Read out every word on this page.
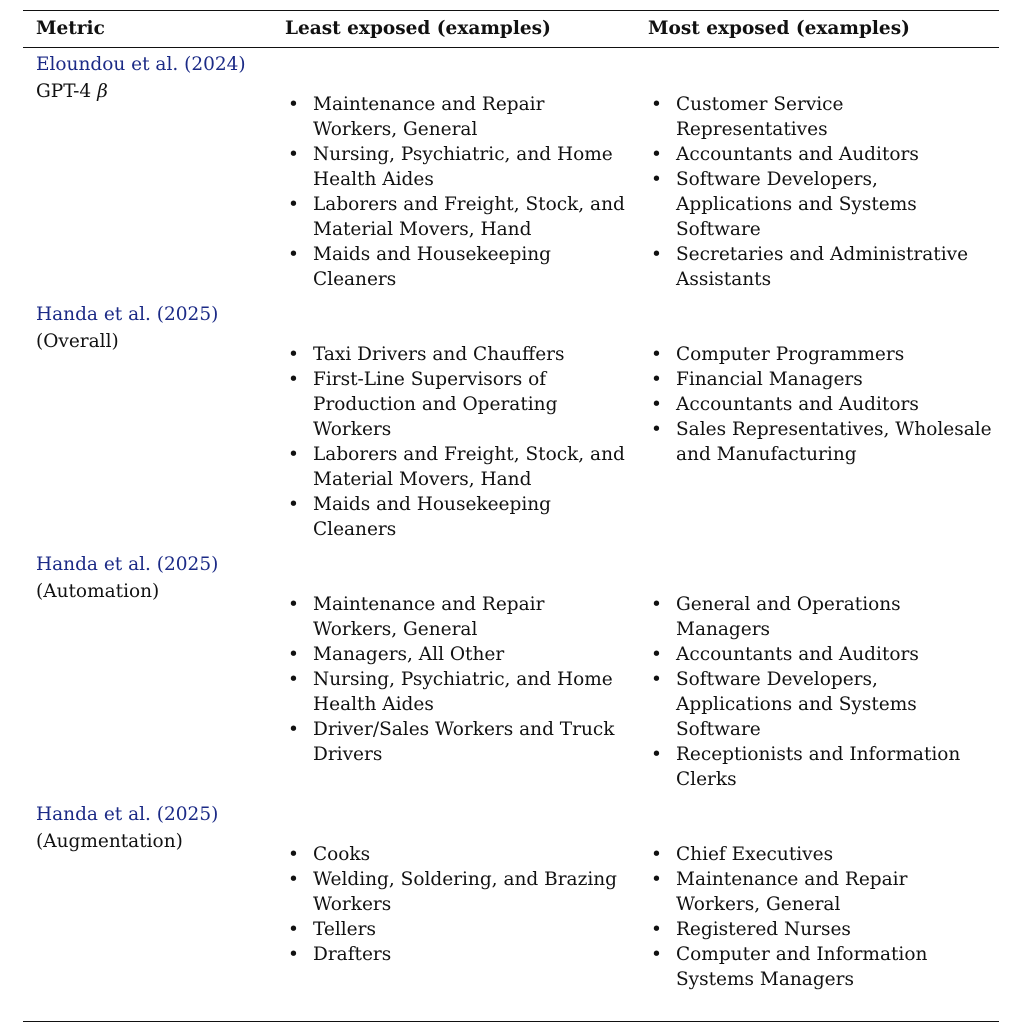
Metric	Least exposed (examples)	Most exposed (examples)
Eloundou et al. (2024)
GPT-4 β
• Maintenance and Repair Workers, General
• Nursing, Psychiatric, and Home Health Aides
• Laborers and Freight, Stock, and Material Movers, Hand
• Maids and Housekeeping Cleaners
• Customer Service Representatives
• Accountants and Auditors
• Software Developers, Applications and Systems Software
• Secretaries and Administrative Assistants
Handa et al. (2025)
(Overall)
• Taxi Drivers and Chauffers
• First-Line Supervisors of Production and Operating Workers
• Laborers and Freight, Stock, and Material Movers, Hand
• Maids and Housekeeping Cleaners
• Computer Programmers
• Financial Managers
• Accountants and Auditors
• Sales Representatives, Wholesale and Manufacturing
Handa et al. (2025)
(Automation)
• Maintenance and Repair Workers, General
• Managers, All Other
• Nursing, Psychiatric, and Home Health Aides
• Driver/Sales Workers and Truck Drivers
• General and Operations Managers
• Accountants and Auditors
• Software Developers, Applications and Systems Software
• Receptionists and Information Clerks
Handa et al. (2025)
(Augmentation)
• Cooks
• Welding, Soldering, and Brazing Workers
• Tellers
• Drafters
• Chief Executives
• Maintenance and Repair Workers, General
• Registered Nurses
• Computer and Information Systems Managers
